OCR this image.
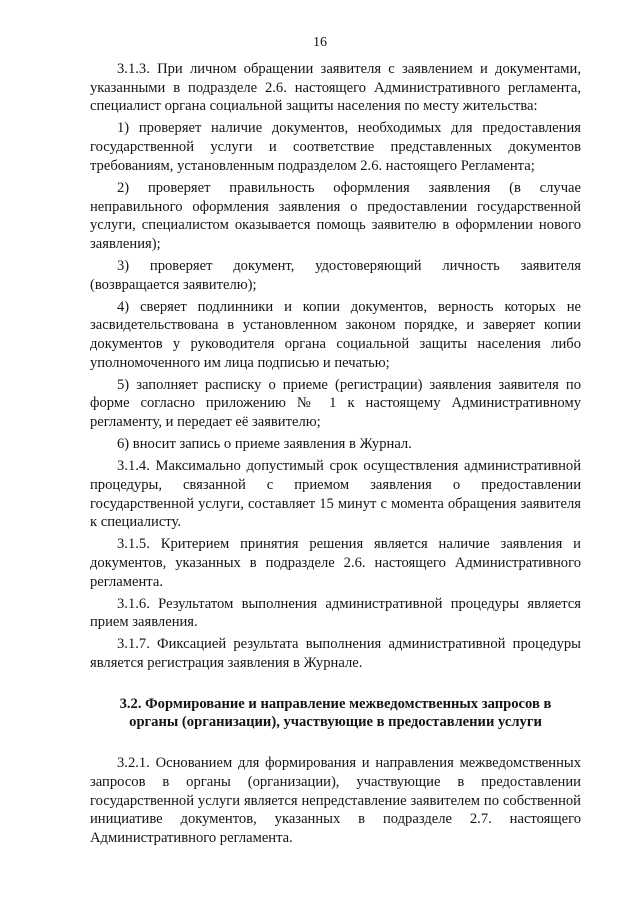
16

3.1.3. При личном обращении заявителя с заявлением и документами, указанными в подразделе 2.6. настоящего Административного регламента, специалист органа социальной защиты населения по месту жительства:

1) проверяет наличие документов, необходимых для предоставления государственной услуги и соответствие представленных документов требованиям, установленным подразделом 2.6. настоящего Регламента;

2) проверяет правильность оформления заявления (в случае неправильного оформления заявления о предоставлении государственной услуги, специалистом оказывается помощь заявителю в оформлении нового заявления);

3) проверяет документ, удостоверяющий личность заявителя (возвращается заявителю);

4) сверяет подлинники и копии документов, верность которых не засвидетельствована в установленном законом порядке, и заверяет копии документов у руководителя органа социальной защиты населения либо уполномоченного им лица подписью и печатью;

5) заполняет расписку о приеме (регистрации) заявления заявителя по форме согласно приложению № 1 к настоящему Административному регламенту, и передает её заявителю;

6) вносит запись о приеме заявления в Журнал.

3.1.4. Максимально допустимый срок осуществления административной процедуры, связанной с приемом заявления о предоставлении государственной услуги, составляет 15 минут с момента обращения заявителя к специалисту.

3.1.5. Критерием принятия решения является наличие заявления и документов, указанных в подразделе 2.6. настоящего Административного регламента.

3.1.6. Результатом выполнения административной процедуры является прием заявления.

3.1.7. Фиксацией результата выполнения административной процедуры является регистрация заявления в Журнале.

3.2. Формирование и направление межведомственных запросов в
органы (организации), участвующие в предоставлении услуги

3.2.1. Основанием для формирования и направления межведомственных запросов в органы (организации), участвующие в предоставлении государственной услуги является непредставление заявителем по собственной инициативе документов, указанных в подразделе 2.7. настоящего Административного регламента.
